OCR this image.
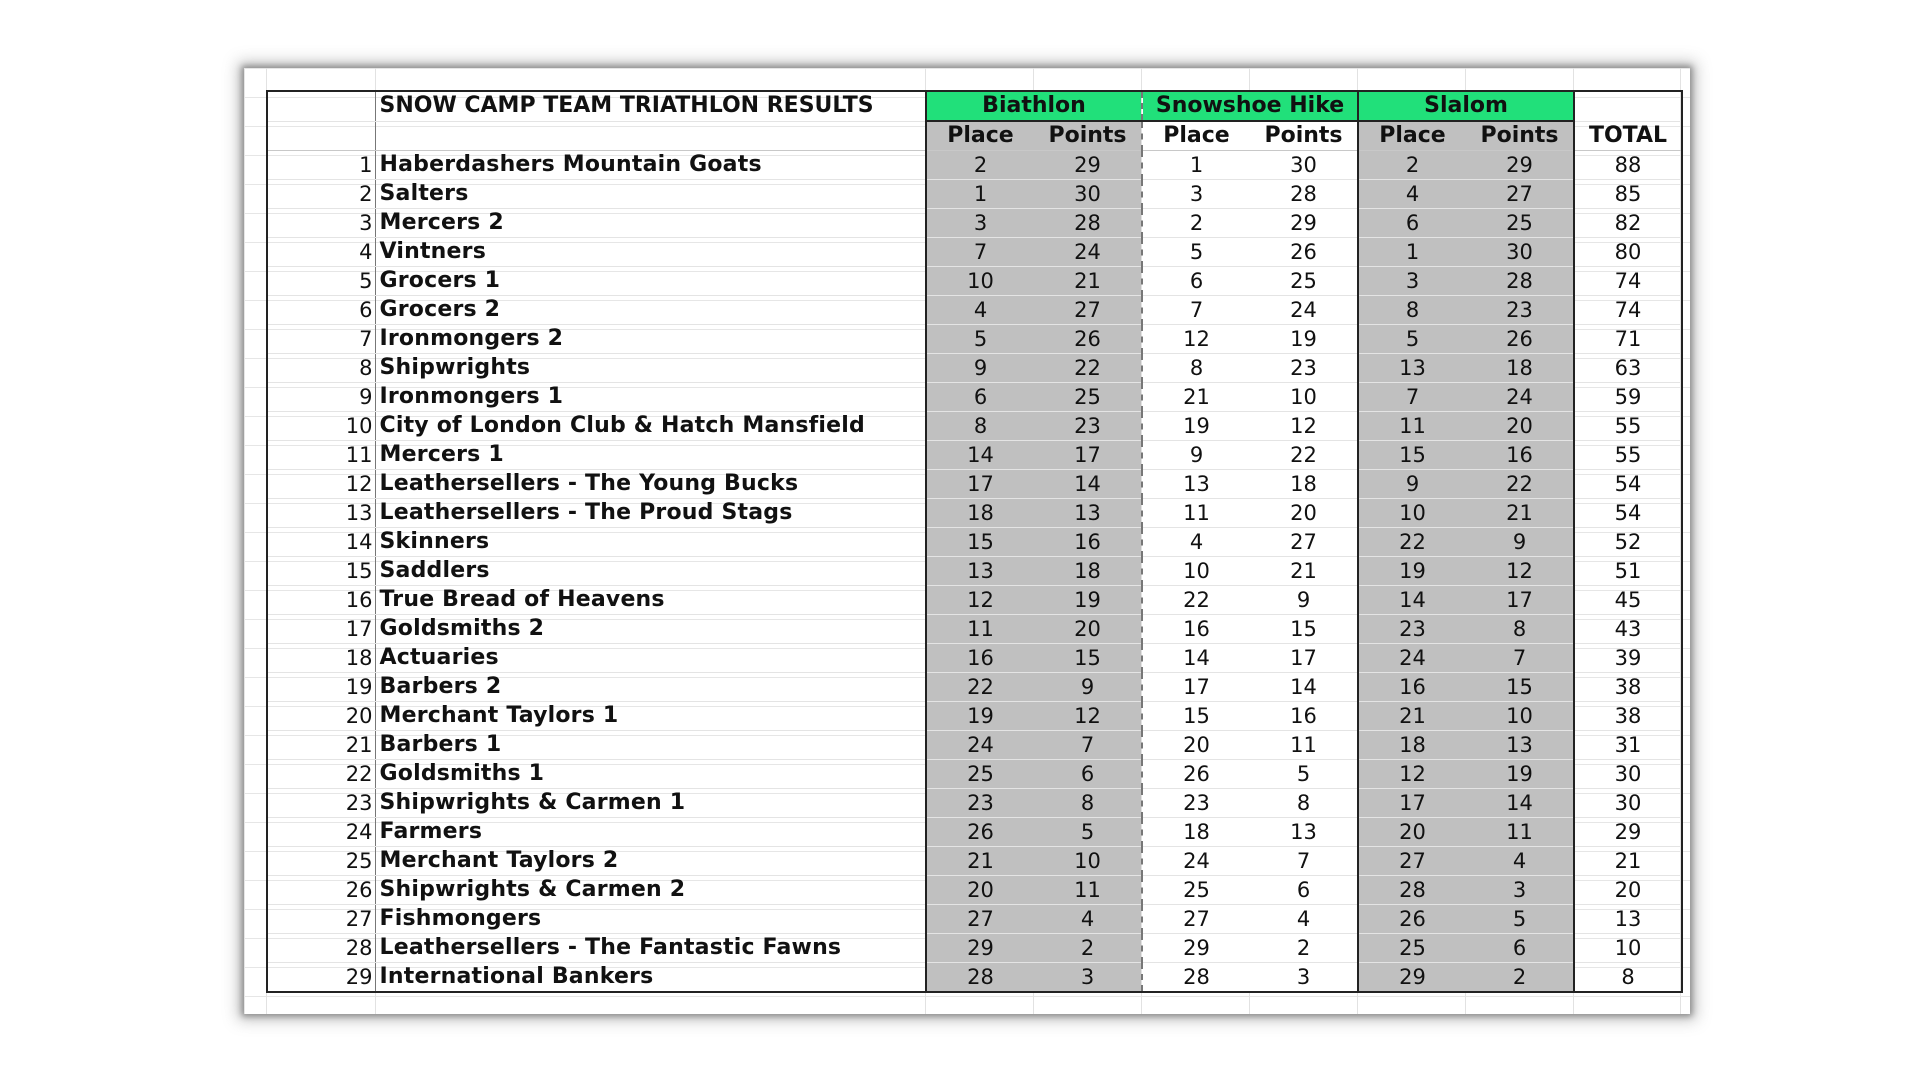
	SNOW CAMP TEAM TRIATHLON RESULTS	Biathlon		Snowshoe Hike		Slalom		
		Place	Points	Place	Points	Place	Points	TOTAL
1	Haberdashers Mountain Goats	2	29	1	30	2	29	88
2	Salters	1	30	3	28	4	27	85
3	Mercers 2	3	28	2	29	6	25	82
4	Vintners	7	24	5	26	1	30	80
5	Grocers 1	10	21	6	25	3	28	74
6	Grocers 2	4	27	7	24	8	23	74
7	Ironmongers 2	5	26	12	19	5	26	71
8	Shipwrights	9	22	8	23	13	18	63
9	Ironmongers 1	6	25	21	10	7	24	59
10	City of London Club & Hatch Mansfield	8	23	19	12	11	20	55
11	Mercers 1	14	17	9	22	15	16	55
12	Leathersellers - The Young Bucks	17	14	13	18	9	22	54
13	Leathersellers - The Proud Stags	18	13	11	20	10	21	54
14	Skinners	15	16	4	27	22	9	52
15	Saddlers	13	18	10	21	19	12	51
16	True Bread of Heavens	12	19	22	9	14	17	45
17	Goldsmiths 2	11	20	16	15	23	8	43
18	Actuaries	16	15	14	17	24	7	39
19	Barbers 2	22	9	17	14	16	15	38
20	Merchant Taylors 1	19	12	15	16	21	10	38
21	Barbers 1	24	7	20	11	18	13	31
22	Goldsmiths 1	25	6	26	5	12	19	30
23	Shipwrights & Carmen 1	23	8	23	8	17	14	30
24	Farmers	26	5	18	13	20	11	29
25	Merchant Taylors 2	21	10	24	7	27	4	21
26	Shipwrights & Carmen 2	20	11	25	6	28	3	20
27	Fishmongers	27	4	27	4	26	5	13
28	Leathersellers - The Fantastic Fawns	29	2	29	2	25	6	10
29	International Bankers	28	3	28	3	29	2	8
